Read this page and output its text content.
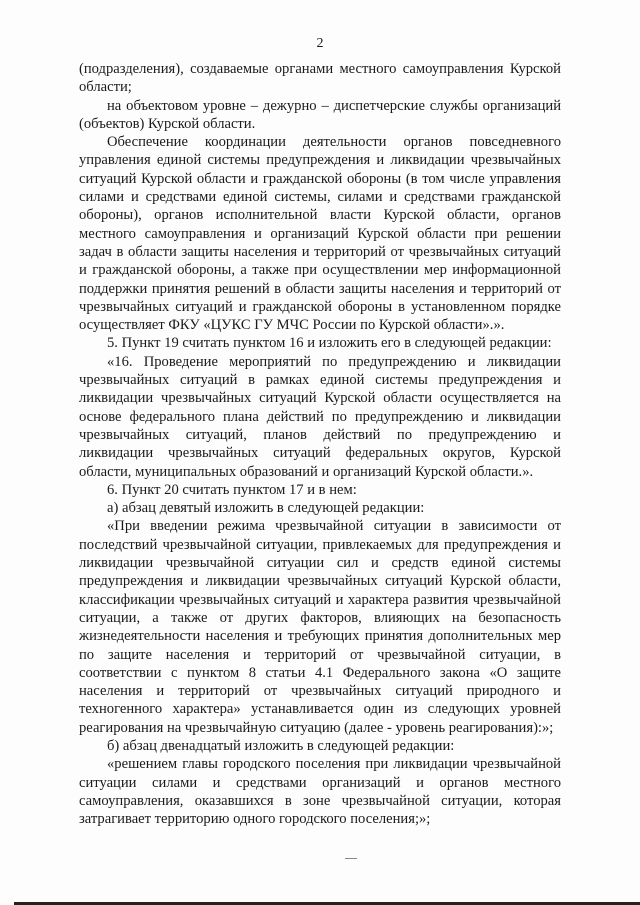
2

(подразделения), создаваемые органами местного самоуправления Курской области;

на объектовом уровне – дежурно – диспетчерские службы организаций (объектов) Курской области.

Обеспечение координации деятельности органов повседневного управления единой системы предупреждения и ликвидации чрезвычайных ситуаций Курской области и гражданской обороны (в том числе управления силами и средствами единой системы, силами и средствами гражданской обороны), органов исполнительной власти Курской области, органов местного самоуправления и организаций Курской области при решении задач в области защиты населения и территорий от чрезвычайных ситуаций и гражданской обороны, а также при осуществлении мер информационной поддержки принятия решений в области защиты населения и территорий от чрезвычайных ситуаций и гражданской обороны в установленном порядке осуществляет ФКУ «ЦУКС ГУ МЧС России по Курской области».».

5. Пункт 19 считать пунктом 16 и изложить его в следующей редакции:

«16. Проведение мероприятий по предупреждению и ликвидации чрезвычайных ситуаций в рамках единой системы предупреждения и ликвидации чрезвычайных ситуаций Курской области осуществляется на основе федерального плана действий по предупреждению и ликвидации чрезвычайных ситуаций, планов действий по предупреждению и ликвидации чрезвычайных ситуаций федеральных округов, Курской области, муниципальных образований и организаций Курской области.».

6. Пункт 20 считать пунктом 17 и в нем:

а) абзац девятый изложить в следующей редакции:

«При введении режима чрезвычайной ситуации в зависимости от последствий чрезвычайной ситуации, привлекаемых для предупреждения и ликвидации чрезвычайной ситуации сил и средств единой системы предупреждения и ликвидации чрезвычайных ситуаций Курской области, классификации чрезвычайных ситуаций и характера развития чрезвычайной ситуации, а также от других факторов, влияющих на безопасность жизнедеятельности населения и требующих принятия дополнительных мер по защите населения и территорий от чрезвычайной ситуации, в соответствии с пунктом 8 статьи 4.1 Федерального закона «О защите населения и территорий от чрезвычайных ситуаций природного и техногенного характера» устанавливается один из следующих уровней реагирования на чрезвычайную ситуацию (далее - уровень реагирования):»;

б) абзац двенадцатый изложить в следующей редакции:

«решением главы городского поселения при ликвидации чрезвычайной ситуации силами и средствами организаций и органов местного самоуправления, оказавшихся в зоне чрезвычайной ситуации, которая затрагивает территорию одного городского поселения;»;
